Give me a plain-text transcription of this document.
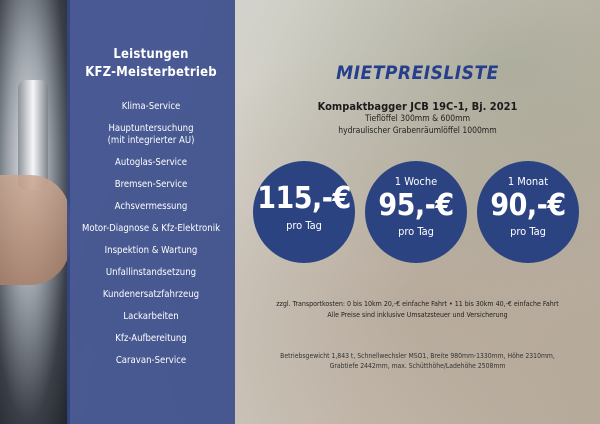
Leistungen
KFZ-Meisterbetrieb
Klima-Service
Hauptuntersuchung
(mit integrierter AU)
Autoglas-Service
Bremsen-Service
Achsvermessung
Motor-Diagnose & Kfz-Elektronik
Inspektion & Wartung
Unfallinstandsetzung
Kundenersatzfahrzeug
Lackarbeiten
Kfz-Aufbereitung
Caravan-Service
MIETPREISLISTE
Kompaktbagger JCB 19C-1, Bj. 2021
Tieflöffel 300mm & 600mm
hydraulischer Grabenräumlöffel 1000mm
115,-€
pro Tag
1 Woche
95,-€
pro Tag
1 Monat
90,-€
pro Tag
zzgl. Transportkosten: 0 bis 10km 20,-€ einfache Fahrt • 11 bis 30km 40,-€ einfache Fahrt
Alle Preise sind inklusive Umsatzsteuer und Versicherung
Betriebsgewicht 1,843 t, Schnellwechsler MSO1, Breite 980mm-1330mm, Höhe 2310mm,
Grabtiefe 2442mm, max. Schütthöhe/Ladehöhe 2508mm
